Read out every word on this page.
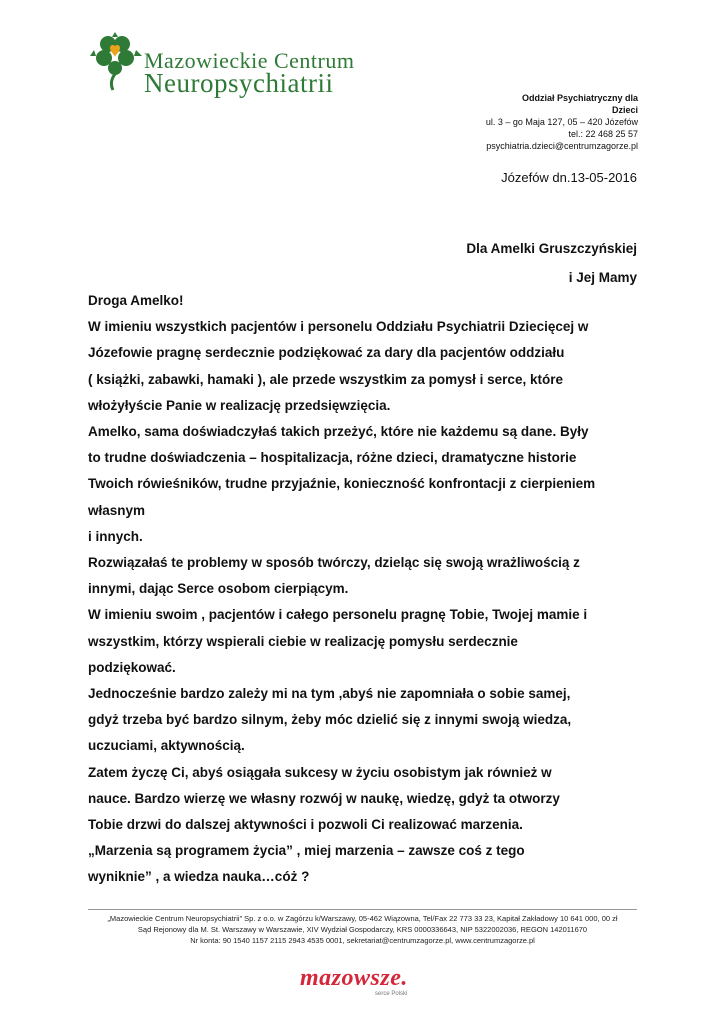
Mazowieckie Centrum
Neuropsychiatrii	Oddział Psychiatryczny dla
Dzieci
ul. 3 – go Maja 127, 05 – 420 Józefów
tel.: 22 468 25 57
psychiatria.dzieci@centrumzagorze.pl
Józefów dn.13-05-2016
Dla Amelki Gruszczyńskiej
i Jej Mamy

Droga Amelko!

W imieniu wszystkich pacjentów i personelu Oddziału Psychiatrii Dziecięcej w

Józefowie pragnę serdecznie podziękować za dary dla pacjentów oddziału

( książki, zabawki, hamaki ), ale przede wszystkim za pomysł i serce, które

włożyłyście Panie w realizację przedsięwzięcia.

Amelko, sama doświadczyłaś takich przeżyć, które nie każdemu są dane. Były

to trudne doświadczenia – hospitalizacja, różne dzieci, dramatyczne historie

Twoich rówieśników, trudne przyjaźnie, konieczność konfrontacji z cierpieniem

własnym

i innych.

Rozwiązałaś te problemy w sposób twórczy, dzieląc się swoją wrażliwością z

innymi, dając Serce osobom cierpiącym.

W imieniu swoim , pacjentów i całego personelu pragnę Tobie, Twojej mamie i

wszystkim, którzy wspierali ciebie w realizację pomysłu serdecznie

podziękować.

Jednocześnie bardzo zależy mi na tym ,abyś nie zapomniała o sobie samej,

gdyż trzeba być bardzo silnym, żeby móc dzielić się z innymi swoją wiedza,

uczuciami, aktywnością.

Zatem życzę Ci, abyś osiągała sukcesy w życiu osobistym jak również w

nauce. Bardzo wierzę we własny rozwój w naukę, wiedzę, gdyż ta otworzy

Tobie drzwi do dalszej aktywności i pozwoli Ci realizować marzenia.

„Marzenia są programem życia” , miej marzenia – zawsze coś z tego

wyniknie” , a wiedza nauka…cóż ?

„Mazowieckie Centrum Neuropsychiatrii” Sp. z o.o. w Zagórzu k/Warszawy, 05-462 Wiązowna, Tel/Fax 22 773 33 23, Kapitał Zakładowy 10 641 000, 00 zł
Sąd Rejonowy dla M. St. Warszawy w Warszawie, XIV Wydział Gospodarczy, KRS 0000336643, NIP 5322002036, REGON 142011670
Nr konta: 90 1540 1157 2115 2943 4535 0001, sekretariat@centrumzagorze.pl, www.centrumzagorze.pl
mazowsze.
serce Polski
